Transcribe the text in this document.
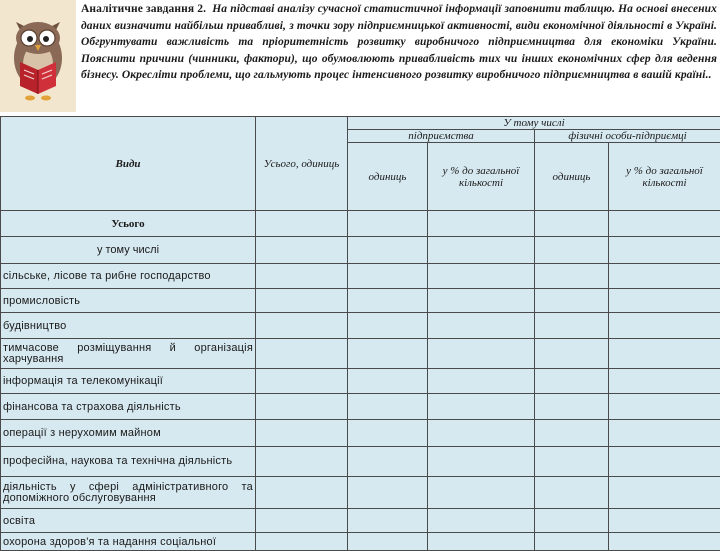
Аналітичне завдання 2. На підставі аналізу сучасної статистичної інформації заповнити таблицю. На основі внесених даних визначити найбільш привабливі, з точки зору підприємницької активності, види економічної діяльності в Україні. Обгрунтувати важливість та пріоритетність розвитку виробничого підприємництва для економіки України. Пояснити причини (чинники, фактори), що обумовлюють привабливість тих чи інших економічних сфер для ведення бізнесу. Окресліти проблеми, що гальмують процес інтенсивного розвитку виробничого підприємництва в вашій країні..
Види	Усього, одиниць	У тому числі			
		підприємства		фізичні особи-підприємці	
		одиниць	у % до загальної кількості	одиниць	у % до загальної кількості
Усього					
у тому числі					
сільське, лісове та рибне господарство					
промисловість					
будівництво					
тимчасове розміщування й організація харчування					
інформація та телекомунікації					
фінансова та страхова діяльність					
операції з нерухомим майном					
професійна, наукова та технічна діяльність					
діяльність у сфері адміністративного та допоміжного обслуговування					
освіта					
охорона здоров'я та надання соціальної					
